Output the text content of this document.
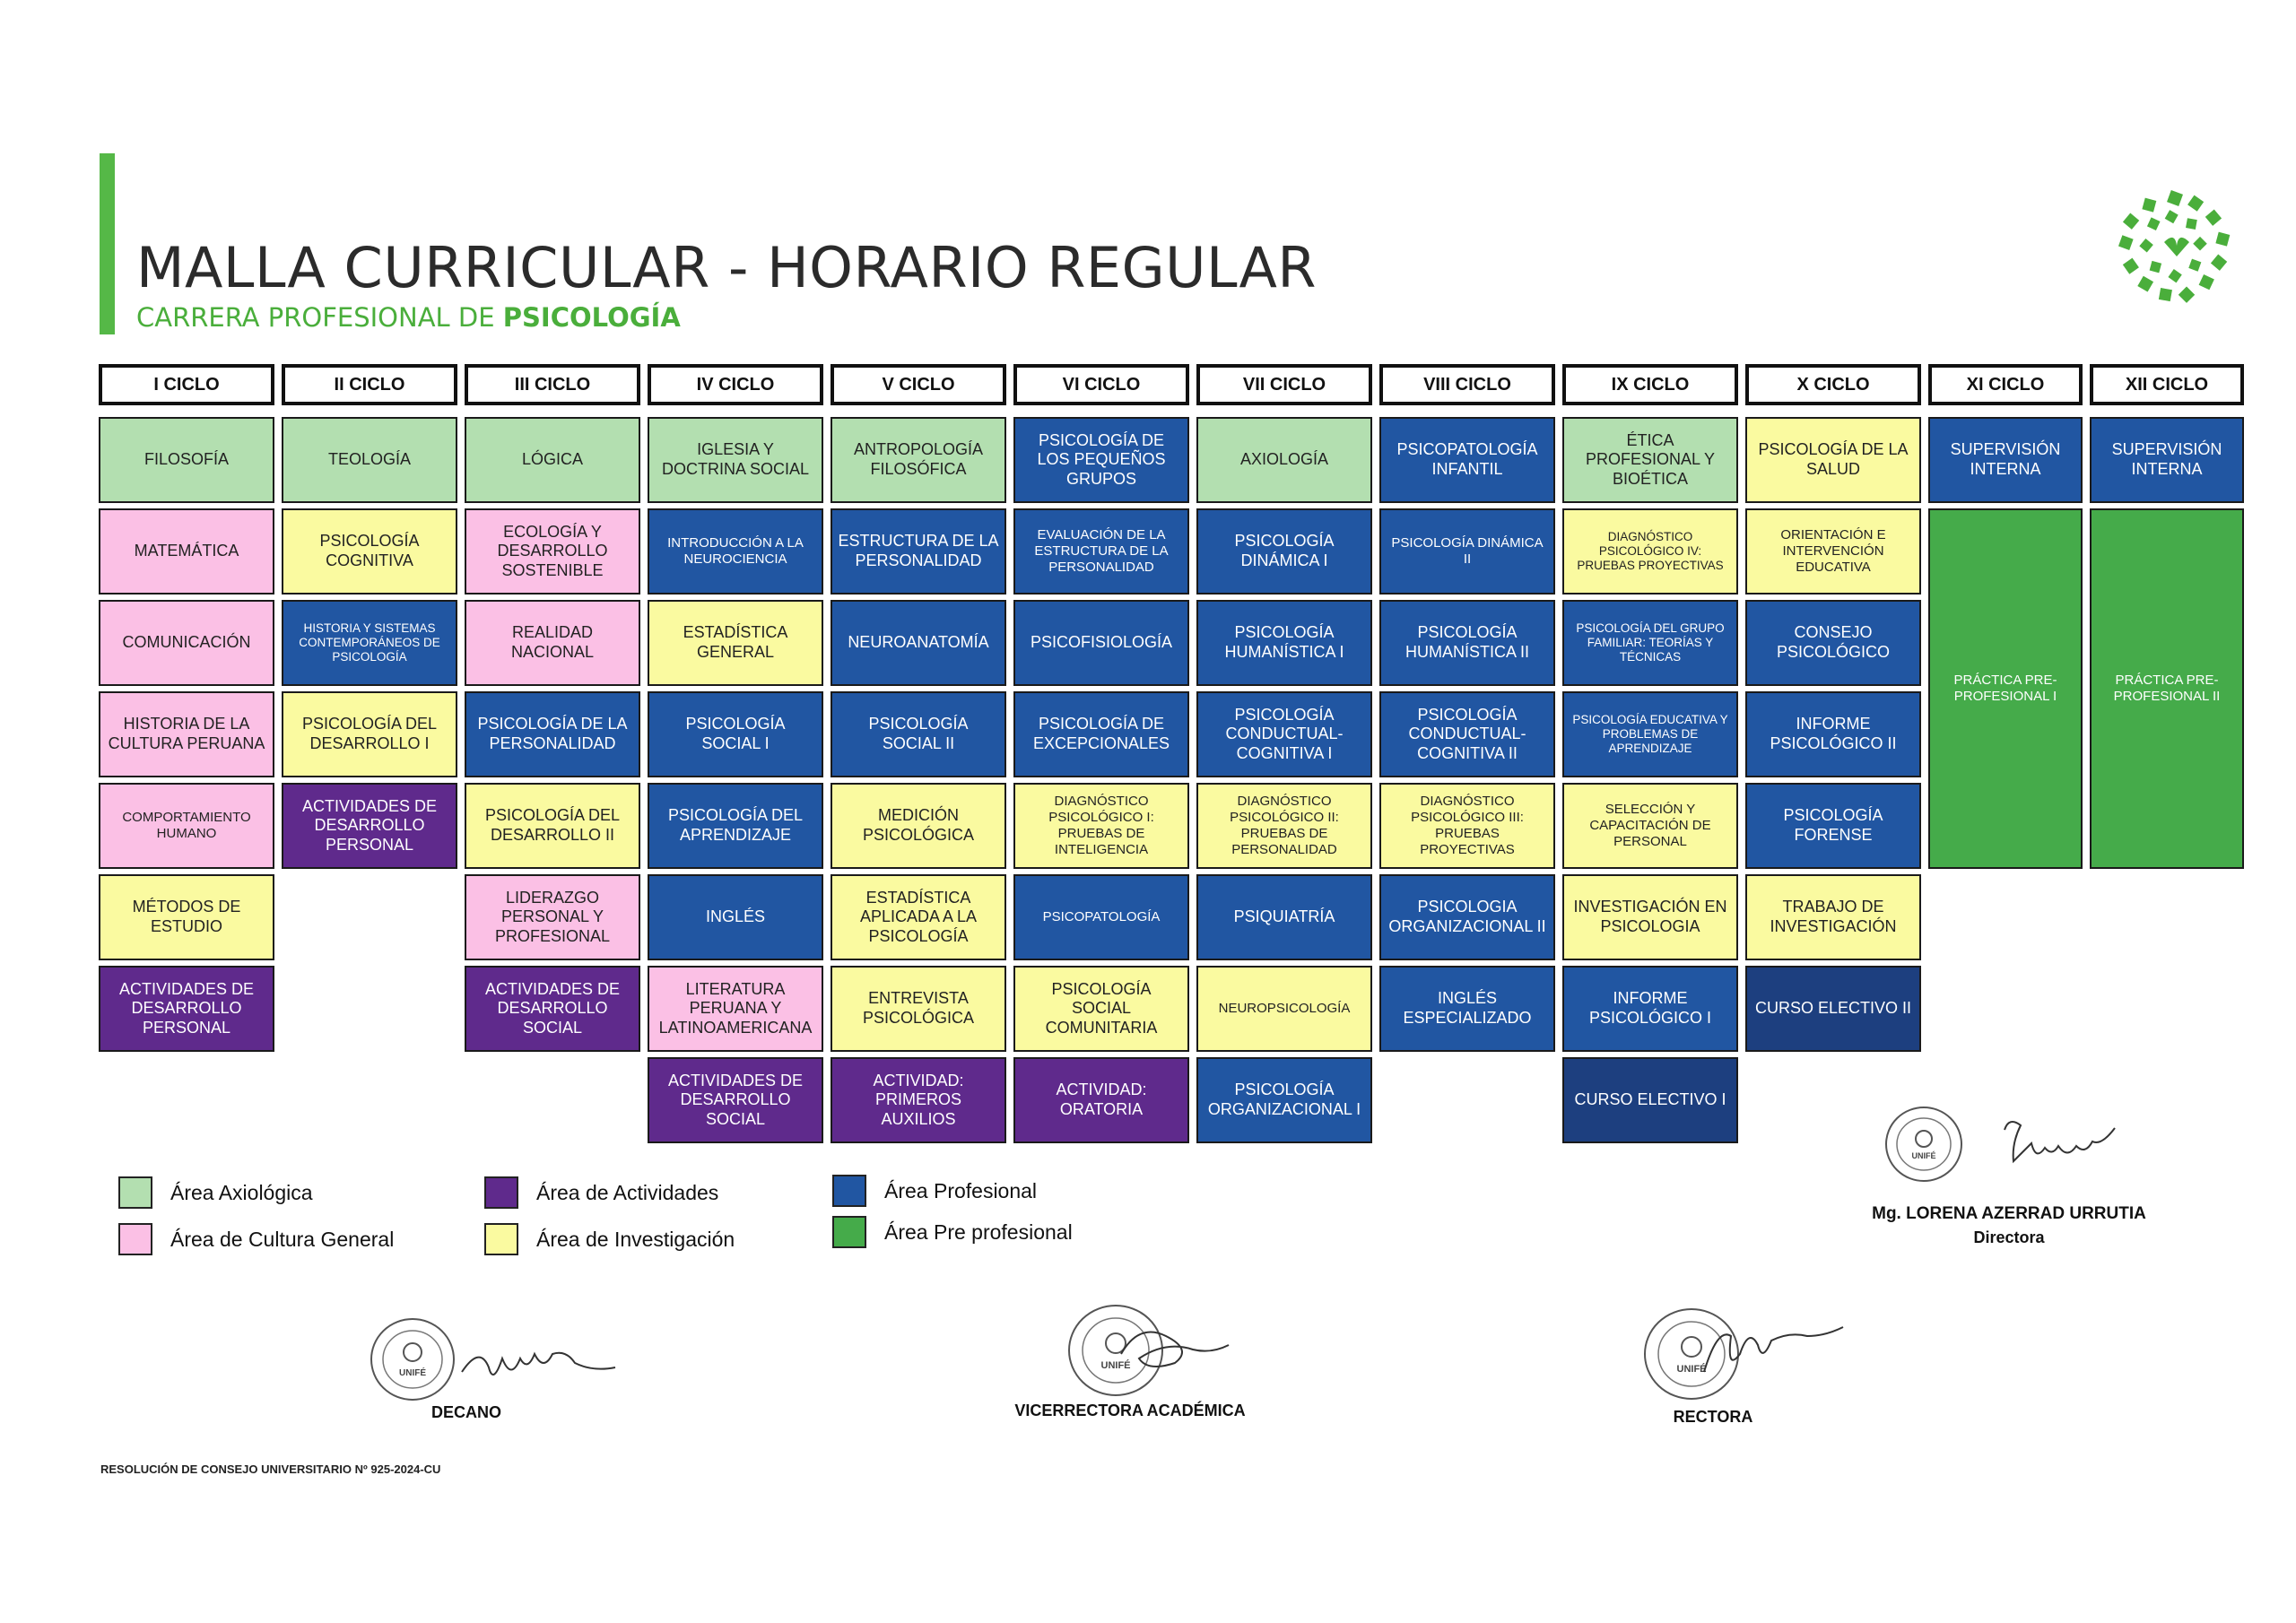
MALLA CURRICULAR - HORARIO REGULAR
CARRERA PROFESIONAL DE PSICOLOGÍA
I CICLO
FILOSOFÍA
MATEMÁTICA
COMUNICACIÓN
HISTORIA DE LA CULTURA PERUANA
COMPORTAMIENTO HUMANO
MÉTODOS DE ESTUDIO
ACTIVIDADES DE DESARROLLO PERSONAL
II CICLO
TEOLOGÍA
PSICOLOGÍA COGNITIVA
HISTORIA Y SISTEMAS CONTEMPORÁNEOS DE PSICOLOGÍA
PSICOLOGÍA DEL DESARROLLO I
ACTIVIDADES DE DESARROLLO PERSONAL
III CICLO
LÓGICA
ECOLOGÍA Y DESARROLLO SOSTENIBLE
REALIDAD NACIONAL
PSICOLOGÍA DE LA PERSONALIDAD
PSICOLOGÍA DEL DESARROLLO II
LIDERAZGO PERSONAL Y PROFESIONAL
ACTIVIDADES DE DESARROLLO SOCIAL
IV CICLO
IGLESIA Y DOCTRINA SOCIAL
INTRODUCCIÓN A LA NEUROCIENCIA
ESTADÍSTICA GENERAL
PSICOLOGÍA SOCIAL I
PSICOLOGÍA DEL APRENDIZAJE
INGLÉS
LITERATURA PERUANA Y LATINOAMERICANA
ACTIVIDADES DE DESARROLLO SOCIAL
V CICLO
ANTROPOLOGÍA FILOSÓFICA
ESTRUCTURA DE LA PERSONALIDAD
NEUROANATOMÍA
PSICOLOGÍA SOCIAL II
MEDICIÓN PSICOLÓGICA
ESTADÍSTICA APLICADA A LA PSICOLOGÍA
ENTREVISTA PSICOLÓGICA
ACTIVIDAD: PRIMEROS AUXILIOS
VI CICLO
PSICOLOGÍA DE LOS PEQUEÑOS GRUPOS
EVALUACIÓN DE LA ESTRUCTURA DE LA PERSONALIDAD
PSICOFISIOLOGÍA
PSICOLOGÍA DE EXCEPCIONALES
DIAGNÓSTICO PSICOLÓGICO I: PRUEBAS DE INTELIGENCIA
PSICOPATOLOGÍA
PSICOLOGÍA SOCIAL COMUNITARIA
ACTIVIDAD: ORATORIA
VII CICLO
AXIOLOGÍA
PSICOLOGÍA DINÁMICA I
PSICOLOGÍA HUMANÍSTICA I
PSICOLOGÍA CONDUCTUAL-COGNITIVA I
DIAGNÓSTICO PSICOLÓGICO II: PRUEBAS DE PERSONALIDAD
PSIQUIATRÍA
NEUROPSICOLOGÍA
PSICOLOGÍA ORGANIZACIONAL I
VIII CICLO
PSICOPATOLOGÍA INFANTIL
PSICOLOGÍA DINÁMICA II
PSICOLOGÍA HUMANÍSTICA II
PSICOLOGÍA CONDUCTUAL-COGNITIVA II
DIAGNÓSTICO PSICOLÓGICO III: PRUEBAS PROYECTIVAS
PSICOLOGIA ORGANIZACIONAL II
INGLÉS ESPECIALIZADO
IX CICLO
ÉTICA PROFESIONAL Y BIOÉTICA
DIAGNÓSTICO PSICOLÓGICO IV: PRUEBAS PROYECTIVAS
PSICOLOGÍA DEL GRUPO FAMILIAR: TEORÍAS Y TÉCNICAS
PSICOLOGÍA EDUCATIVA Y PROBLEMAS DE APRENDIZAJE
SELECCIÓN Y CAPACITACIÓN DE PERSONAL
INVESTIGACIÓN EN PSICOLOGIA
INFORME PSICOLÓGICO I
CURSO ELECTIVO I
X CICLO
PSICOLOGÍA DE LA SALUD
ORIENTACIÓN E INTERVENCIÓN EDUCATIVA
CONSEJO PSICOLÓGICO
INFORME PSICOLÓGICO II
PSICOLOGÍA FORENSE
TRABAJO DE INVESTIGACIÓN
CURSO ELECTIVO II
XI CICLO
SUPERVISIÓN INTERNA
PRÁCTICA PRE-PROFESIONAL I
XII CICLO
SUPERVISIÓN INTERNA
PRÁCTICA PRE-PROFESIONAL II
Área Axiológica
Área de Cultura General
Área de Actividades
Área de Investigación
Área Profesional
Área Pre profesional
UNIFÉ
Mg. LORENA AZERRAD URRUTIA
Directora
UNIFÉ
DECANO
UNIFÉ
VICERRECTORA ACADÉMICA
UNIFÉ
RECTORA
RESOLUCIÓN DE CONSEJO UNIVERSITARIO Nº 925-2024-CU
